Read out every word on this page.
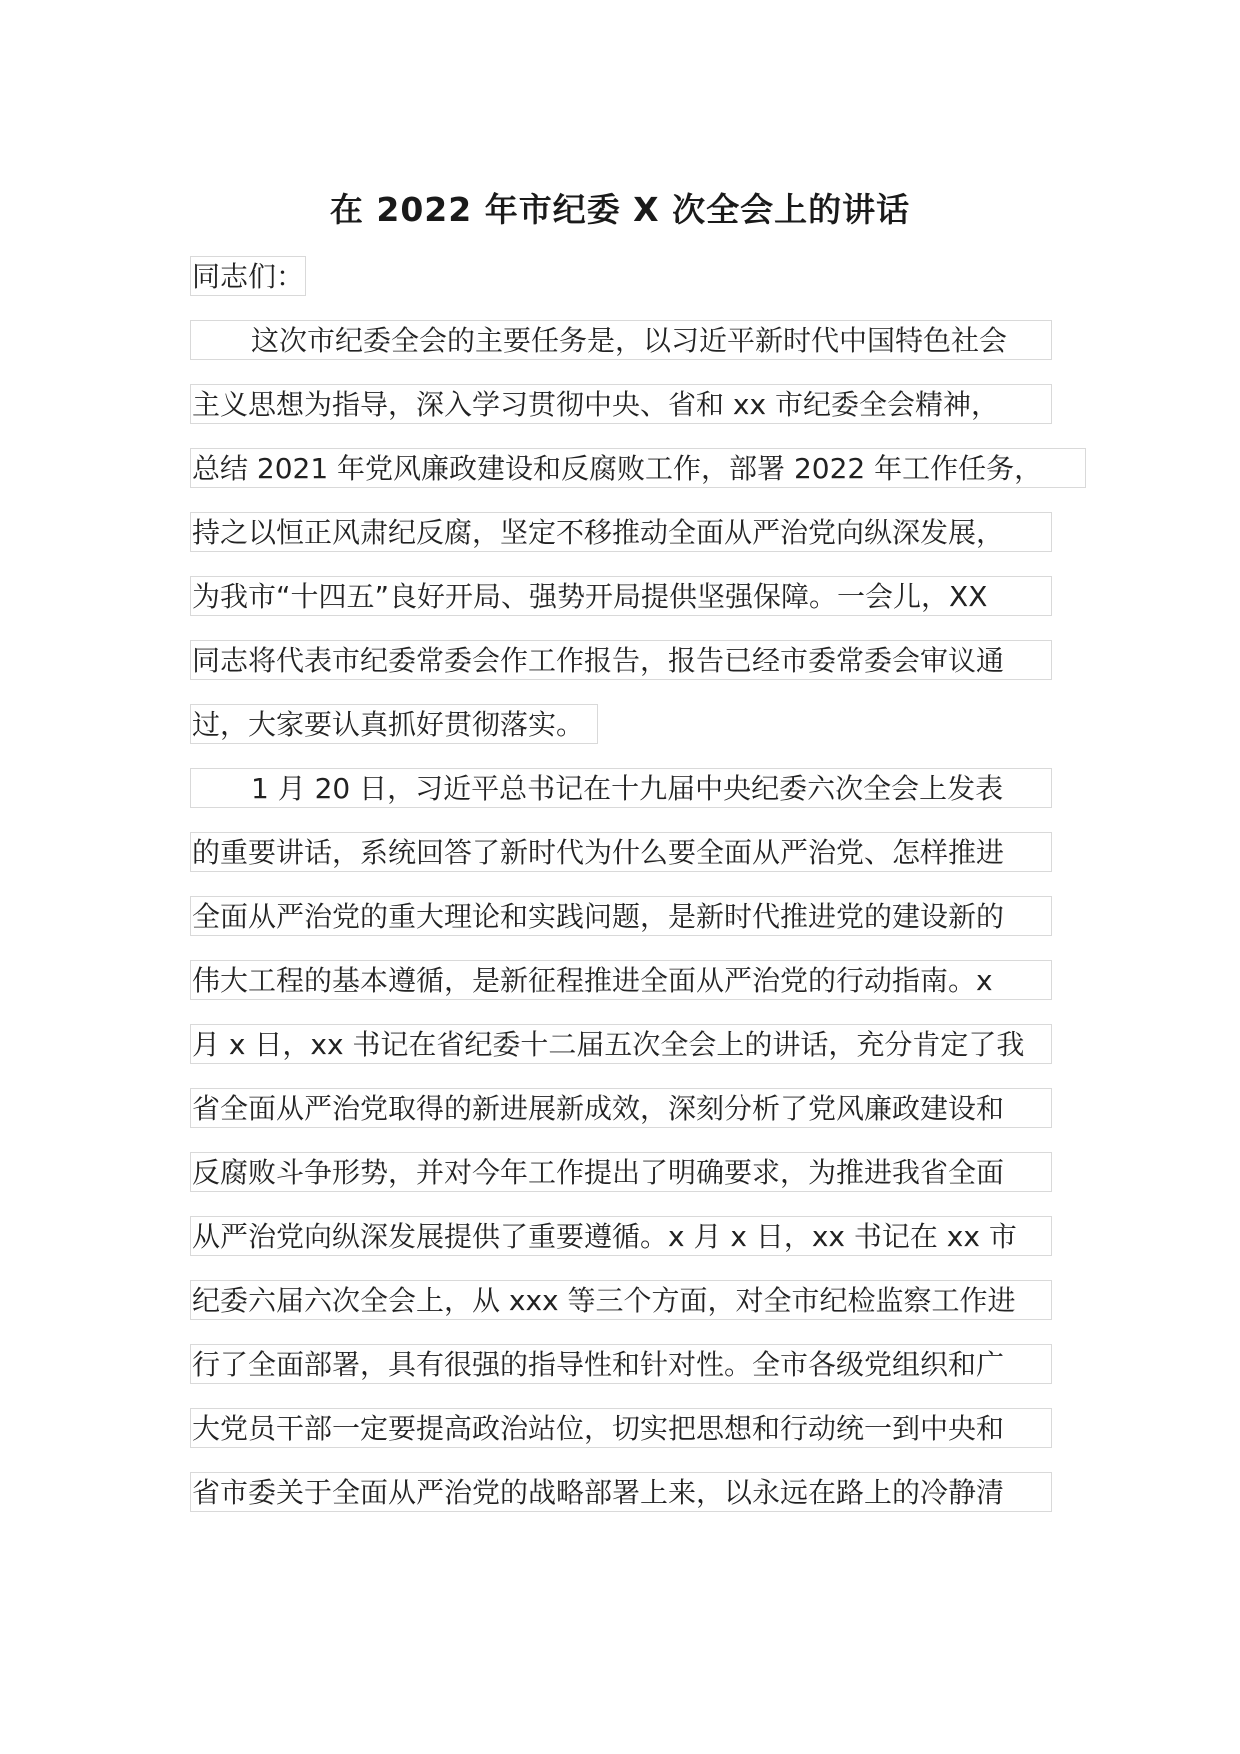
在 2022 年市纪委 X 次全会上的讲话
同志们：
这次市纪委全会的主要任务是，以习近平新时代中国特色社会
主义思想为指导，深入学习贯彻中央、省和 xx 市纪委全会精神，
总结 2021 年党风廉政建设和反腐败工作，部署 2022 年工作任务，
持之以恒正风肃纪反腐，坚定不移推动全面从严治党向纵深发展，
为我市“十四五”良好开局、强势开局提供坚强保障。一会儿，XX
同志将代表市纪委常委会作工作报告，报告已经市委常委会审议通
过，大家要认真抓好贯彻落实。
1 月 20 日，习近平总书记在十九届中央纪委六次全会上发表
的重要讲话，系统回答了新时代为什么要全面从严治党、怎样推进
全面从严治党的重大理论和实践问题，是新时代推进党的建设新的
伟大工程的基本遵循，是新征程推进全面从严治党的行动指南。x
月 x 日，xx 书记在省纪委十二届五次全会上的讲话，充分肯定了我
省全面从严治党取得的新进展新成效，深刻分析了党风廉政建设和
反腐败斗争形势，并对今年工作提出了明确要求，为推进我省全面
从严治党向纵深发展提供了重要遵循。x 月 x 日，xx 书记在 xx 市
纪委六届六次全会上，从 xxx 等三个方面，对全市纪检监察工作进
行了全面部署，具有很强的指导性和针对性。全市各级党组织和广
大党员干部一定要提高政治站位，切实把思想和行动统一到中央和
省市委关于全面从严治党的战略部署上来，以永远在路上的冷静清
